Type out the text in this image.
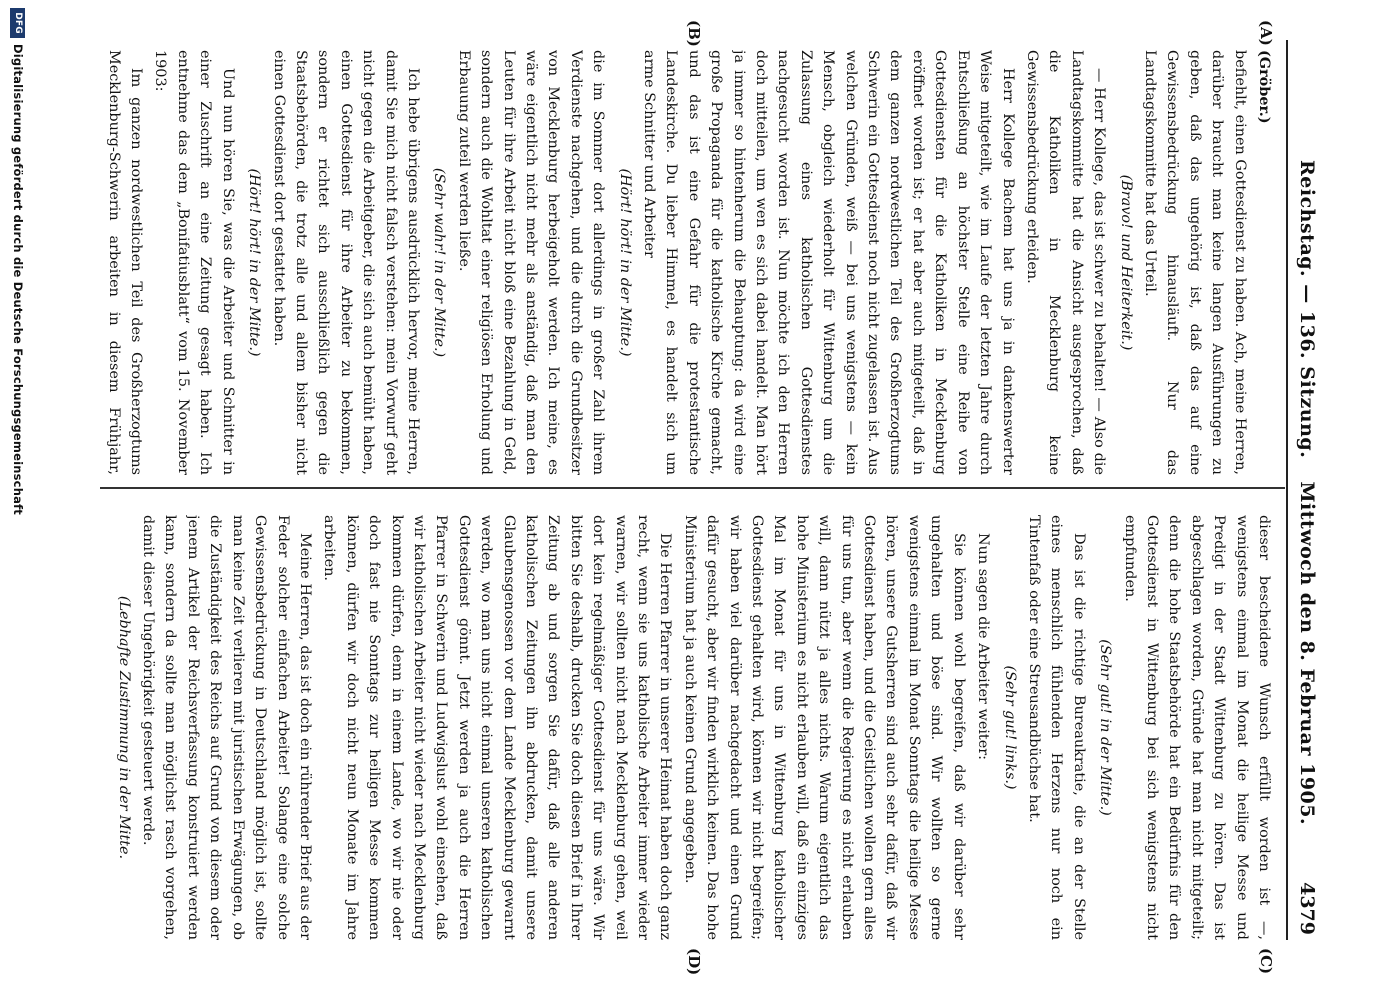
Reichstag. — 136. Sitzung. Mittwoch den 8. Februar 1905.
4379
(A)
(B)
(C)
(D)

(Gröber.)

befiehlt, einen Gottesdienst zu haben. Ach, meine Herren, darüber braucht man keine langen Ausführungen zu geben, daß das ungehörig ist, daß das auf eine Gewissensbedrückung hinausläuft. Nur das Landtagskommitte hat das Urteil.

(Bravo! und Heiterkeit.)

— Herr Kollege, das ist schwer zu behalten! — Also die Landtagskommitte hat die Ansicht ausgesprochen, daß die Katholiken in Mecklenburg keine Gewissensbedrückung erleiden.

Herr Kollege Bachem hat uns ja in dankenswerter Weise mitgeteilt, wie im Laufe der letzten Jahre durch Entschließung an höchster Stelle eine Reihe von Gottesdiensten für die Katholiken in Mecklenburg eröffnet worden ist; er hat aber auch mitgeteilt, daß in dem ganzen nordwestlichen Teil des Großherzogtums Schwerin ein Gottesdienst noch nicht zugelassen ist. Aus welchen Gründen, weiß — bei uns wenigstens — kein Mensch, obgleich wiederholt für Wittenburg um die Zulassung eines katholischen Gottesdienstes nachgesucht worden ist. Nun möchte ich den Herren doch mitteilen, um wen es sich dabei handelt. Man hört ja immer so hintenherum die Behauptung: da wird eine große Propaganda für die katholische Kirche gemacht, und das ist eine Gefahr für die protestantische Landeskirche. Du lieber Himmel, es handelt sich um arme Schnitter und Arbeiter

(Hört! hört! in der Mitte.)

die im Sommer dort allerdings in großer Zahl ihrem Verdienste nachgehen, und die durch die Grundbesitzer von Mecklenburg herbeigeholt werden. Ich meine, es wäre eigentlich nicht mehr als anständig, daß man den Leuten für ihre Arbeit nicht bloß eine Bezahlung in Geld, sondern auch die Wohltat einer religiösen Erholung und Erbauung zuteil werden ließe.

(Sehr wahr! in der Mitte.)

Ich hebe übrigens ausdrücklich hervor, meine Herren, damit Sie mich nicht falsch verstehen: mein Vorwurf geht nicht gegen die Arbeitgeber, die sich auch bemüht haben, einen Gottesdienst für ihre Arbeiter zu bekommen, sondern er richtet sich ausschließlich gegen die Staatsbehörden, die trotz alle und allem bisher nicht einen Gottesdienst dort gestattet haben.

(Hört! hört! in der Mitte.)

Und nun hören Sie, was die Arbeiter und Schnitter in einer Zuschrift an eine Zeitung gesagt haben. Ich entnehme das dem „Bonifatiusblatt“ vom 15. November 1903:

Im ganzen nordwestlichen Teil des Großherzogtums Mecklenburg-Schwerin arbeiten in diesem Frühjahr,

dieser bescheidene Wunsch erfüllt worden ist —, wenigstens einmal im Monat die heilige Messe und Predigt in der Stadt Wittenburg zu hören. Das ist abgeschlagen worden, Gründe hat man nicht mitgeteilt; denn die hohe Staatsbehörde hat ein Bedürfnis für den Gottesdienst in Wittenburg bei sich wenigstens nicht empfunden.

(Sehr gut! in der Mitte.)

Das ist die richtige Bureaukratie, die an der Stelle eines menschlich fühlenden Herzens nur noch ein Tintenfaß oder eine Streusandbüchse hat.

(Sehr gut! links.)

Nun sagen die Arbeiter weiter:

Sie können wohl begreifen, daß wir darüber sehr ungehalten und böse sind. Wir wollten so gerne wenigstens einmal im Monat Sonntags die heilige Messe hören, unsere Gutsherren sind auch sehr dafür, daß wir Gottesdienst haben, und die Geistlichen wollen gern alles für uns tun, aber wenn die Regierung es nicht erlauben will, dann nützt ja alles nichts. Warum eigentlich das hohe Ministerium es nicht erlauben will, daß ein einziges Mal im Monat für uns in Wittenburg katholischer Gottesdienst gehalten wird, können wir nicht begreifen; wir haben viel darüber nachgedacht und einen Grund dafür gesucht, aber wir finden wirklich keinen. Das hohe Ministerium hat ja auch keinen Grund angegeben.

Die Herren Pfarrer in unserer Heimat haben doch ganz recht, wenn sie uns katholische Arbeiter immer wieder warnen, wir sollten nicht nach Mecklenburg gehen, weil dort kein regelmäßiger Gottesdienst für uns wäre. Wir bitten Sie deshalb, drucken Sie doch diesen Brief in Ihrer Zeitung ab und sorgen Sie dafür, daß alle anderen katholischen Zeitungen ihn abdrucken, damit unsere Glaubensgenossen vor dem Lande Mecklenburg gewarnt werden, wo man uns nicht einmal unseren katholischen Gottesdienst gönnt. Jetzt werden ja auch die Herren Pfarrer in Schwerin und Ludwigslust wohl einsehen, daß wir katholischen Arbeiter nicht wieder nach Mecklenburg kommen dürfen, denn in einem Lande, wo wir nie oder doch fast nie Sonntags zur heiligen Messe kommen können, dürfen wir doch nicht neun Monate im Jahre arbeiten.

Meine Herren, das ist doch ein rührender Brief aus der Feder solcher einfachen Arbeiter! Solange eine solche Gewissensbedrückung in Deutschland möglich ist, sollte man keine Zeit verlieren mit juristischen Erwägungen, ob die Zuständigkeit des Reichs auf Grund von diesem oder jenem Artikel der Reichsverfassung konstruiert werden kann, sondern da sollte man möglichst rasch vorgehen, damit dieser Ungehörigkeit gesteuert werde.

(Lebhafte Zustimmung in der Mitte.

DFG
Digitalisierung gefördert durch die Deutsche Forschungsgemeinschaft
